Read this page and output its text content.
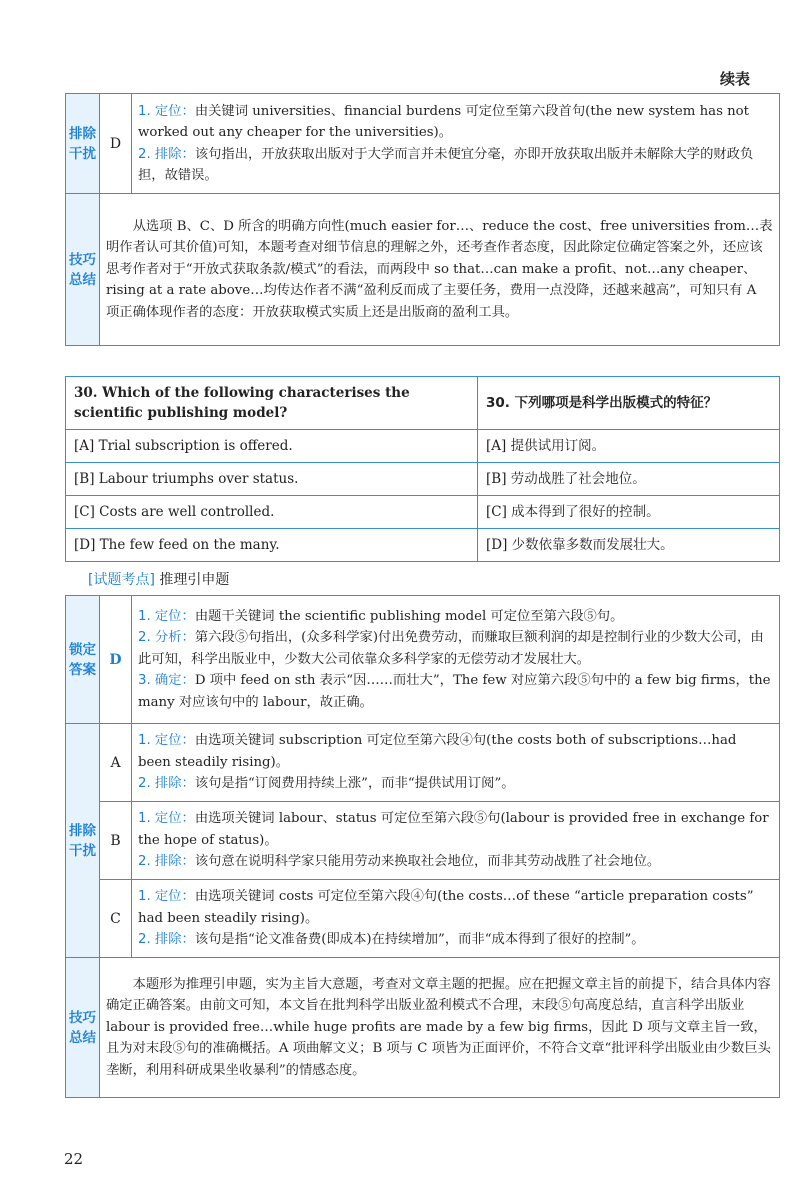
续表
排除干扰	D	1. 定位：由关键词 universities、financial burdens 可定位至第六段首句(the new system has not worked out any cheaper for the universities)。

2. 排除：该句指出，开放获取出版对于大学而言并未便宜分毫，亦即开放获取出版并未解除大学的财政负担，故错误。

技巧总结	从选项 B、C、D 所含的明确方向性(much easier for…、reduce the cost、free universities from…表明作者认可其价值)可知，本题考查对细节信息的理解之外，还考查作者态度，因此除定位确定答案之外，还应该思考作者对于“开放式获取条款/模式”的看法，而两段中 so that…can make a profit、not…any cheaper、rising at a rate above…均传达作者不满“盈利反而成了主要任务，费用一点没降，还越来越高”，可知只有 A 项正确体现作者的态度：开放获取模式实质上还是出版商的盈利工具。	

30. Which of the following characterises the scientific publishing model?	30. 下列哪项是科学出版模式的特征？
[A] Trial subscription is offered.	[A] 提供试用订阅。
[B] Labour triumphs over status.	[B] 劳动战胜了社会地位。
[C] Costs are well controlled.	[C] 成本得到了很好的控制。
[D] The few feed on the many.	[D] 少数依靠多数而发展壮大。
[试题考点] 推理引申题
锁定答案	D	1. 定位：由题干关键词 the scientific publishing model 可定位至第六段⑤句。

2. 分析：第六段⑤句指出，(众多科学家)付出免费劳动，而赚取巨额利润的却是控制行业的少数大公司，由此可知，科学出版业中，少数大公司依靠众多科学家的无偿劳动才发展壮大。

3. 确定：D 项中 feed on sth 表示“因……而壮大”，The few 对应第六段⑤句中的 a few big firms，the many 对应该句中的 labour，故正确。

排除干扰	A	1. 定位：由选项关键词 subscription 可定位至第六段④句(the costs both of subscriptions…had been steadily rising)。

2. 排除：该句是指“订阅费用持续上涨”，而非“提供试用订阅”。

	B	1. 定位：由选项关键词 labour、status 可定位至第六段⑤句(labour is provided free in exchange for the hope of status)。

2. 排除：该句意在说明科学家只能用劳动来换取社会地位，而非其劳动战胜了社会地位。

	C	1. 定位：由选项关键词 costs 可定位至第六段④句(the costs…of these “article preparation costs” had been steadily rising)。

2. 排除：该句是指“论文准备费(即成本)在持续增加”，而非“成本得到了很好的控制”。

技巧总结	本题形为推理引申题，实为主旨大意题，考查对文章主题的把握。应在把握文章主旨的前提下，结合具体内容确定正确答案。由前文可知，本文旨在批判科学出版业盈利模式不合理，末段⑤句高度总结，直言科学出版业 labour is provided free…while huge profits are made by a few big firms，因此 D 项与文章主旨一致，且为对末段⑤句的准确概括。A 项曲解文义；B 项与 C 项皆为正面评价，不符合文章“批评科学出版业由少数巨头垄断，利用科研成果坐收暴利”的情感态度。	

22
